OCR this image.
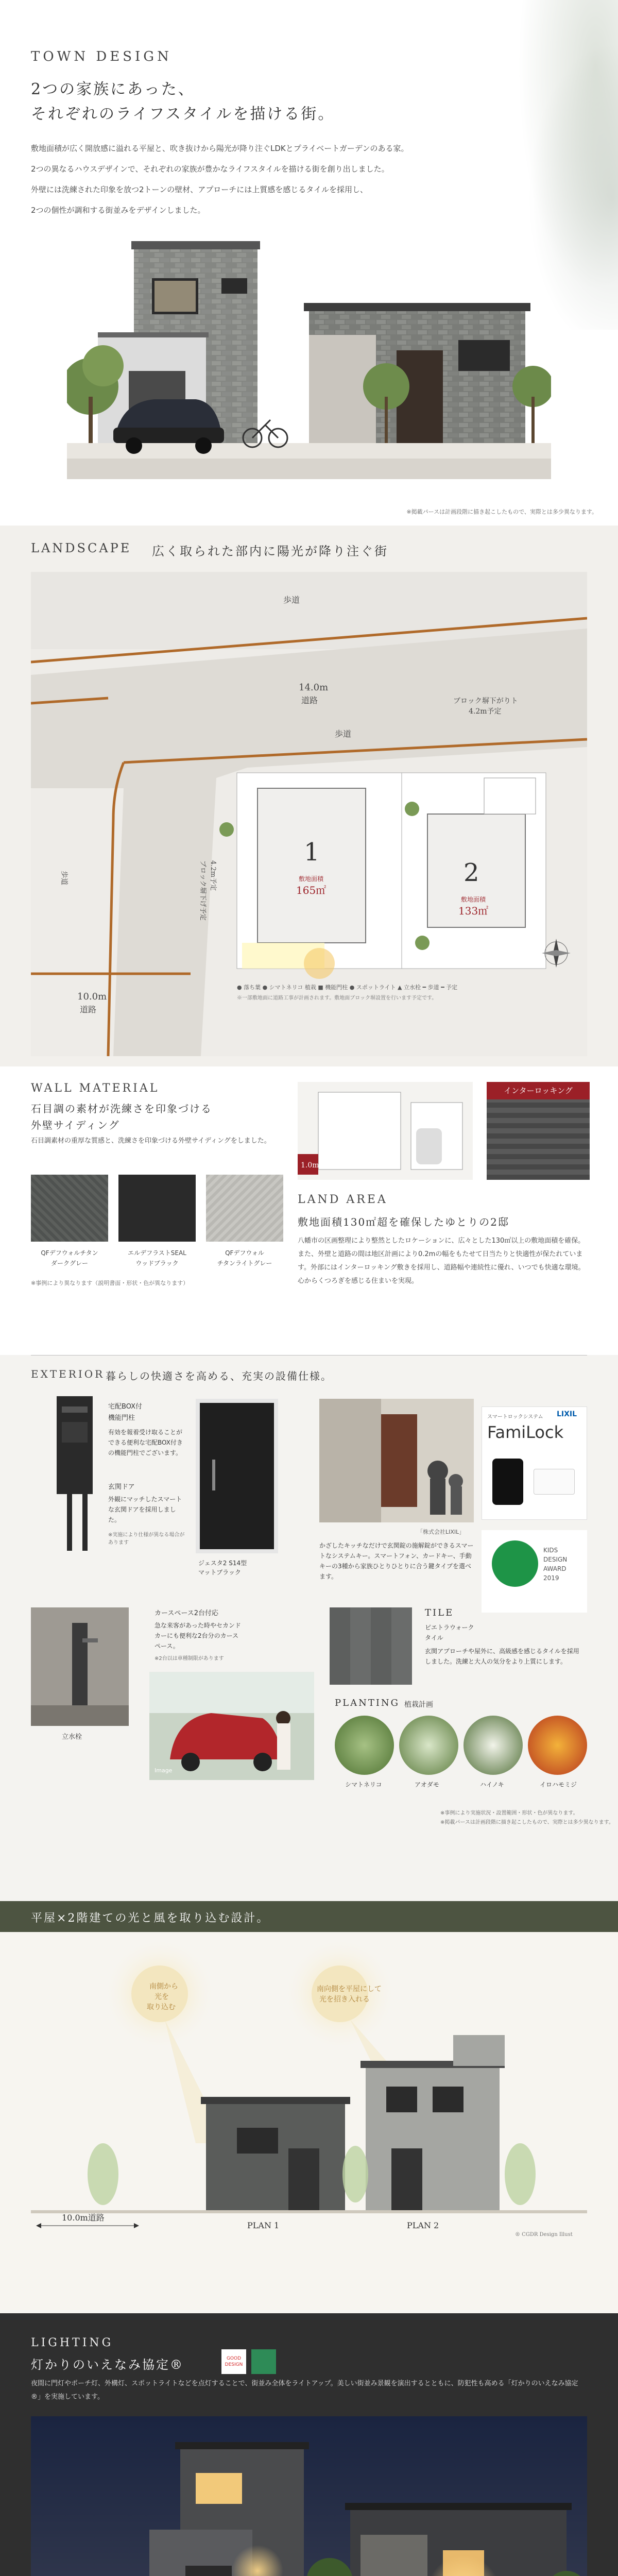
TOWN DESIGN
2つの家族にあった、
それぞれのライフスタイルを描ける街。
敷地面積が広く開放感に溢れる平屋と、吹き抜けから陽光が降り注ぐLDKとプライベートガーデンのある家。
2つの異なるハウスデザインで、それぞれの家族が豊かなライフスタイルを描ける街を創り出しました。
外壁には洗練された印象を放つ2トーンの壁材、アプローチには上質感を感じるタイルを採用し、
2つの個性が調和する街並みをデザインしました。
※掲載パースは計画段階に描き起こしたもので、実際とは多少異なります。
LANDSCAPE 広く取られた部内に陽光が降り注ぐ街
歩道
14.0m
道路
歩道
ブロック塀下がりト
4.2m予定
歩道	ブロック塀下げ予定 4.2m予定
1
敷地面積
165㎡
2
敷地面積
133㎡
10.0m
道路
● 落ち葉 ● シマトネリコ 植栽 ■ 機能門柱 ● スポットライト ▲ 立水栓 ━ 歩道 ━ 予定
※一部敷地面に道路工事が計画されます。敷地面ブロック塀設置を行います予定です。
WALL MATERIAL
石目調の素材が洗練さを印象づける
外壁サイディング
石目調素材の重厚な質感と、洗練さを印象づける外壁サイディングをしました。
QFデフウォルチタン
ダークグレー
エルデフラストSEAL
ウッドブラック
QFデフウォル
チタンライトグレー
※事例により異なります（説明書面・形状・色が異なります）
1.0m
インターロッキング
LAND AREA
敷地面積130㎡超を確保したゆとりの2邸
八幡市の区画整理により整然としたロケーションに、広々とした130㎡以上の敷地面積を確保。また、外壁と道路の間は地区計画により0.2mの幅をもたせて日当たりと快適性が保たれています。外部にはインターロッキング敷きを採用し、道路幅や連続性に優れ、いつでも快適な環境。心からくつろぎを感じる住まいを実現。
EXTERIOR 暮らしの快適さを高める、充実の設備仕様。
宅配BOX付
機能門柱
有効を報着受け取ることができる便利な宅配BOX付きの機能門柱でございます。
玄関ドア
外観にマッチしたスマートな玄関ドアを採用しました。
※実施により仕様が異なる場合があります
ジェスタ2 S14型
マットブラック
「株式会社LIXIL」
かざしたキッチなだけで玄関錠の施解錠ができるスマートなシステムキー。スマートフォン、カードキー、手動キーの3種から家族ひとりひとりに合う鍵タイプを選べます。
スマートロックシステム LIXIL
FamiLock
KIDS
DESIGN
AWARD
2019
立水栓
カースペース2台付応
急な来客があった時やセカンドカーにも便利な2台分のカースペース。
※2台以は車種制限があります
Image
TILE
ピエトラウォーク
タイル
玄関アプローチや屋外に、高級感を感じるタイルを採用しました。洗練と大人の気分をより上質にします。
PLANTING 植栽計画
シマトネリコ	アオダモ	ハイノキ	イロハモミジ
※事例により実施状況・設置範囲・形状・色が異なります。
※掲載パースは計画段階に描き起こしたもので、実際とは多少異なります。
平屋×2階建ての光と風を取り込む設計。
南側から
光を
取り込む
南向側を平屋にして
光を招き入れる
10.0m道路
PLAN 1	PLAN 2
® CGDR Design Illust
LIGHTING
灯かりのいえなみ協定®	GOOD
DESIGN
夜間に門灯やポーチ灯、外構灯、スポットライトなどを点灯することで、街並み全体をライトアップ。美しい街並み景観を演出するとともに、防犯性も高める「灯かりのいえなみ協定®」を実施しています。
